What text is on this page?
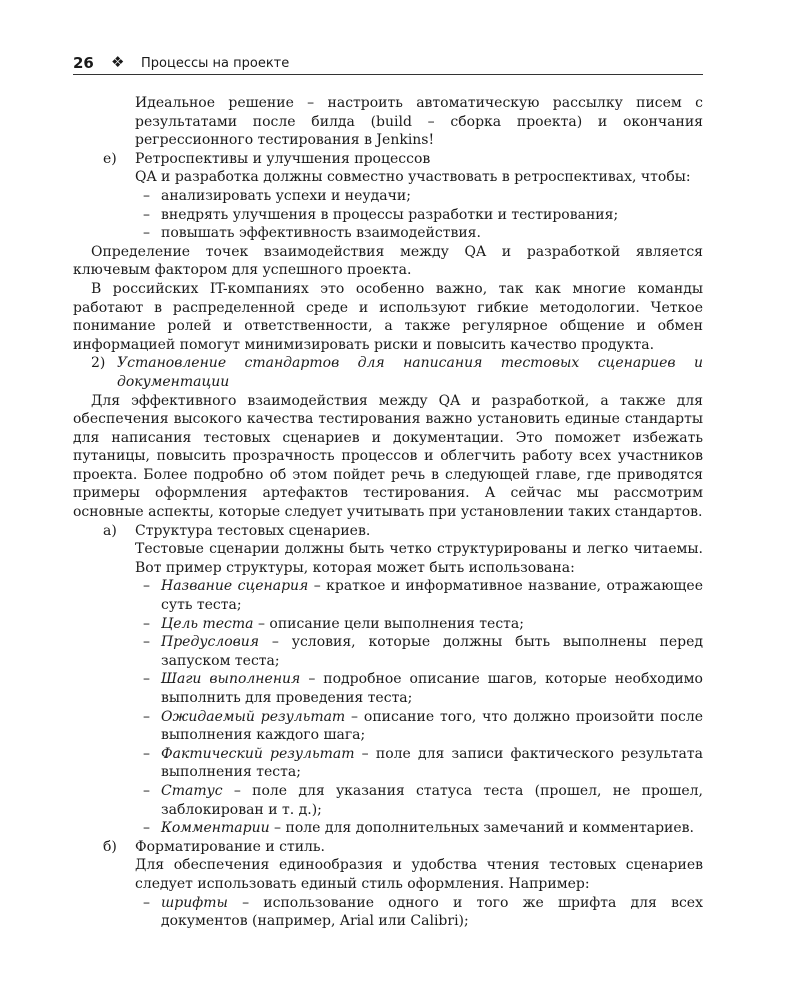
26 ❖ Процессы на проекте

Идеальное решение – настроить автоматическую рассылку писем с результатами после билда (build – сборка проекта) и окончания регрессионного тестирования в Jenkins!

е) Ретроспективы и улучшения процессов

QA и разработка должны совместно участвовать в ретроспективах, чтобы:

– анализировать успехи и неудачи;
– внедрять улучшения в процессы разработки и тестирования;
– повышать эффективность взаимодействия.

Определение точек взаимодействия между QA и разработкой является ключевым фактором для успешного проекта.

В российских IT-компаниях это особенно важно, так как многие команды работают в распределенной среде и используют гибкие методологии. Четкое понимание ролей и ответственности, а также регулярное общение и обмен информацией помогут минимизировать риски и повысить качество продукта.

2) Установление стандартов для написания тестовых сценариев и документации

Для эффективного взаимодействия между QA и разработкой, а также для обеспечения высокого качества тестирования важно установить единые стандарты для написания тестовых сценариев и документации. Это поможет избежать путаницы, повысить прозрачность процессов и облегчить работу всех участников проекта. Более подробно об этом пойдет речь в следующей главе, где приводятся примеры оформления артефактов тестирования. А сейчас мы рассмотрим основные аспекты, которые следует учитывать при установлении таких стандартов.

а) Структура тестовых сценариев.

Тестовые сценарии должны быть четко структурированы и легко читаемы. Вот пример структуры, которая может быть использована:

– Название сценария – краткое и информативное название, отражающее суть теста;
– Цель теста – описание цели выполнения теста;
– Предусловия – условия, которые должны быть выполнены перед запуском теста;
– Шаги выполнения – подробное описание шагов, которые необходимо выполнить для проведения теста;
– Ожидаемый результат – описание того, что должно произойти после выполнения каждого шага;
– Фактический результат – поле для записи фактического результата выполнения теста;
– Статус – поле для указания статуса теста (прошел, не прошел, заблокирован и т. д.);
– Комментарии – поле для дополнительных замечаний и комментариев.
б) Форматирование и стиль.

Для обеспечения единообразия и удобства чтения тестовых сценариев следует использовать единый стиль оформления. Например:

– шрифты – использование одного и того же шрифта для всех документов (например, Arial или Calibri);
